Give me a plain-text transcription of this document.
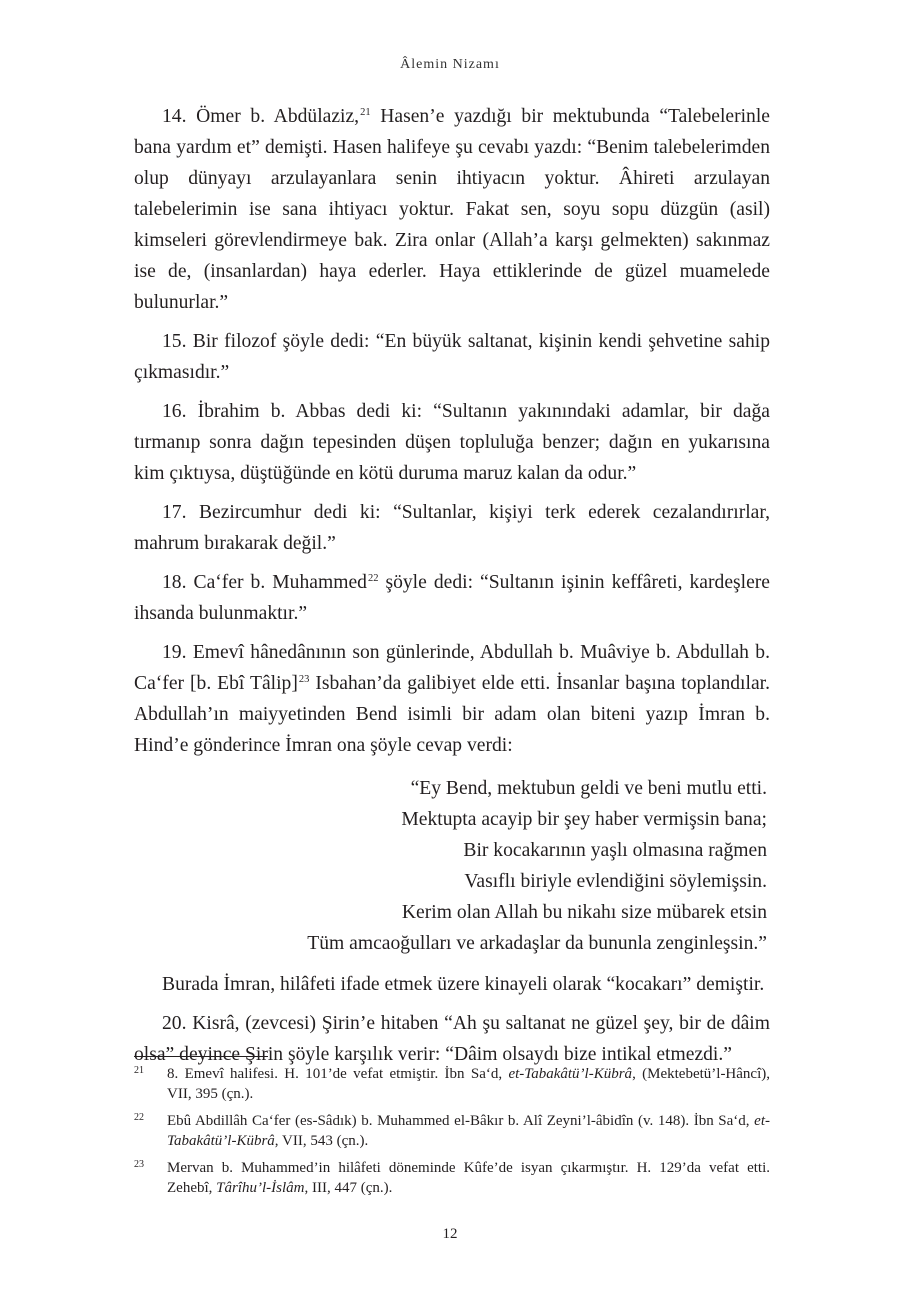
Âlemin Nizamı

14. Ömer b. Abdülaziz,$^{21}$ Hasen’e yazdığı bir mektubunda “Talebelerinle bana yardım et” demişti. Hasen halifeye şu cevabı yazdı: “Benim talebelerimden olup dünyayı arzulayanlara senin ihtiyacın yoktur. Âhireti arzulayan talebelerimin ise sana ihtiyacı yoktur. Fakat sen, soyu sopu düzgün (asil) kimseleri görevlendirmeye bak. Zira onlar (Allah’a karşı gelmekten) sakınmaz ise de, (insanlardan) haya ederler. Haya ettiklerinde de güzel muamelede bulunurlar.”

15. Bir filozof şöyle dedi: “En büyük saltanat, kişinin kendi şehvetine sahip çıkmasıdır.”

16. İbrahim b. Abbas dedi ki: “Sultanın yakınındaki adamlar, bir dağa tırmanıp sonra dağın tepesinden düşen topluluğa benzer; dağın en yukarısına kim çıktıysa, düştüğünde en kötü duruma maruz kalan da odur.”

17. Bezircumhur dedi ki: “Sultanlar, kişiyi terk ederek cezalandırırlar, mahrum bırakarak değil.”

18. Ca‘fer b. Muhammed$^{22}$ şöyle dedi: “Sultanın işinin keffâreti, kardeşlere ihsanda bulunmaktır.”

19. Emevî hânedânının son günlerinde, Abdullah b. Muâviye b. Abdullah b. Ca‘fer [b. Ebî Tâlip]$^{23}$ Isbahan’da galibiyet elde etti. İnsanlar başına toplandılar. Abdullah’ın maiyyetinden Bend isimli bir adam olan biteni yazıp İmran b. Hind’e gönderince İmran ona şöyle cevap verdi:

“Ey Bend, mektubun geldi ve beni mutlu etti.
Mektupta acayip bir şey haber vermişsin bana;
Bir kocakarının yaşlı olmasına rağmen
Vasıflı biriyle evlendiğini söylemişsin.
Kerim olan Allah bu nikahı size mübarek etsin
Tüm amcaoğulları ve arkadaşlar da bununla zenginleşsin.”

Burada İmran, hilâfeti ifade etmek üzere kinayeli olarak “kocakarı” demiştir.

20. Kisrâ, (zevcesi) Şirin’e hitaben “Ah şu saltanat ne güzel şey, bir de dâim olsa” deyince Şirin şöyle karşılık verir: “Dâim olsaydı bize intikal etmezdi.”

21	8. Emevî halifesi. H. 101’de vefat etmiştir. İbn Sa‘d, et-Tabakâtü’l-Kübrâ, (Mektebetü’l-Hâncî), VII, 395 (çn.).
22	Ebû Abdillâh Ca‘fer (es-Sâdık) b. Muhammed el-Bâkır b. Alî Zeyni’l-âbidîn (v. 148). İbn Sa‘d, et-Tabakâtü’l-Kübrâ, VII, 543 (çn.).
23	Mervan b. Muhammed’in hilâfeti döneminde Kûfe’de isyan çıkarmıştır. H. 129’da vefat etti. Zehebî, Târîhu’l-İslâm, III, 447 (çn.).
12
